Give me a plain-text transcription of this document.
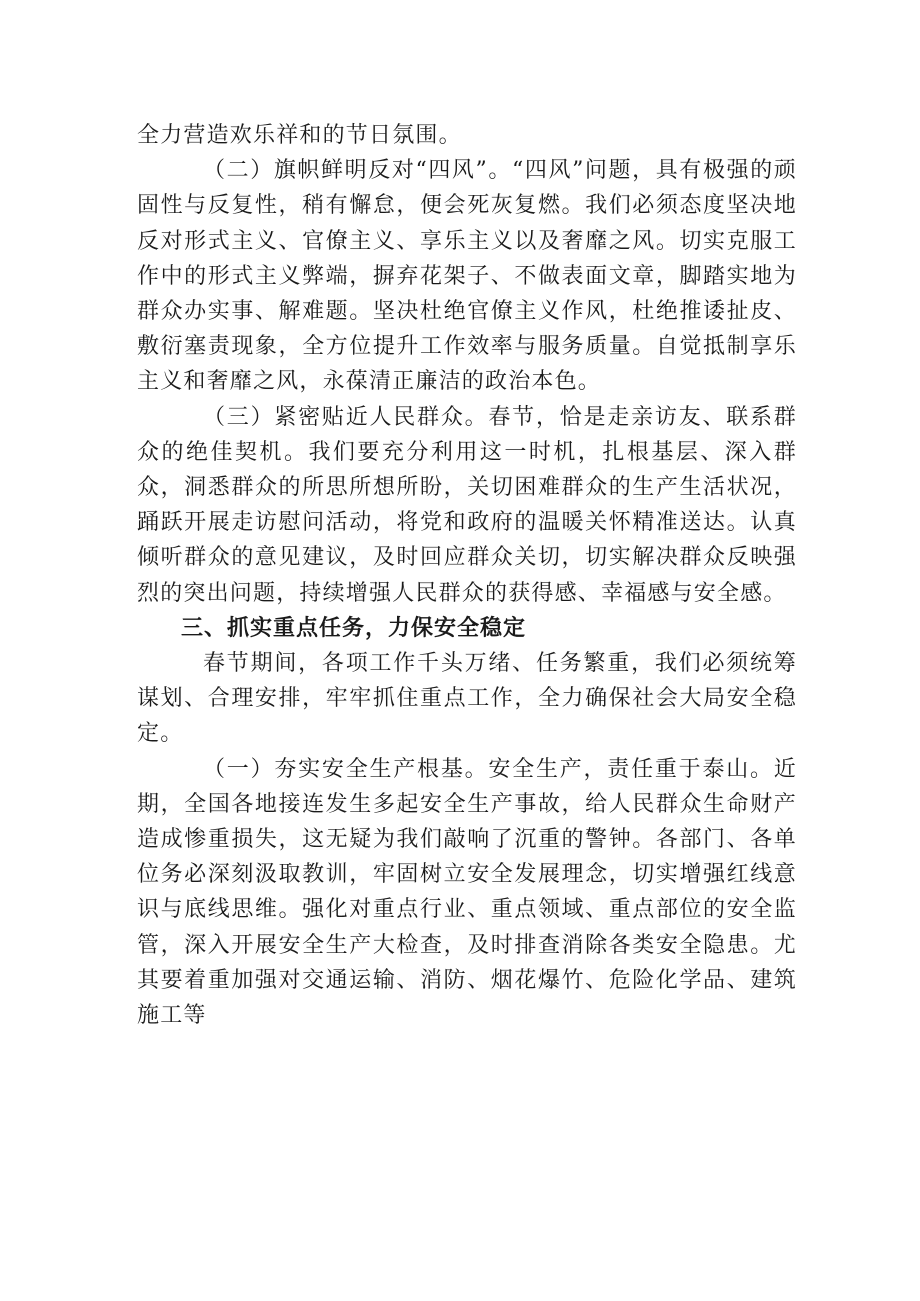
全力营造欢乐祥和的节日氛围。

（二）旗帜鲜明反对“四风”。“四风”问题，具有极强的顽固性与反复性，稍有懈怠，便会死灰复燃。我们必须态度坚决地反对形式主义、官僚主义、享乐主义以及奢靡之风。切实克服工作中的形式主义弊端，摒弃花架子、不做表面文章，脚踏实地为群众办实事、解难题。坚决杜绝官僚主义作风，杜绝推诿扯皮、敷衍塞责现象，全方位提升工作效率与服务质量。自觉抵制享乐主义和奢靡之风，永葆清正廉洁的政治本色。

（三）紧密贴近人民群众。春节，恰是走亲访友、联系群众的绝佳契机。我们要充分利用这一时机，扎根基层、深入群众，洞悉群众的所思所想所盼，关切困难群众的生产生活状况，踊跃开展走访慰问活动，将党和政府的温暖关怀精准送达。认真倾听群众的意见建议，及时回应群众关切，切实解决群众反映强烈的突出问题，持续增强人民群众的获得感、幸福感与安全感。

三、抓实重点任务，力保安全稳定

春节期间，各项工作千头万绪、任务繁重，我们必须统筹谋划、合理安排，牢牢抓住重点工作，全力确保社会大局安全稳定。

（一）夯实安全生产根基。安全生产，责任重于泰山。近期，全国各地接连发生多起安全生产事故，给人民群众生命财产造成惨重损失，这无疑为我们敲响了沉重的警钟。各部门、各单位务必深刻汲取教训，牢固树立安全发展理念，切实增强红线意识与底线思维。强化对重点行业、重点领域、重点部位的安全监管，深入开展安全生产大检查，及时排查消除各类安全隐患。尤其要着重加强对交通运输、消防、烟花爆竹、危险化学品、建筑施工等
